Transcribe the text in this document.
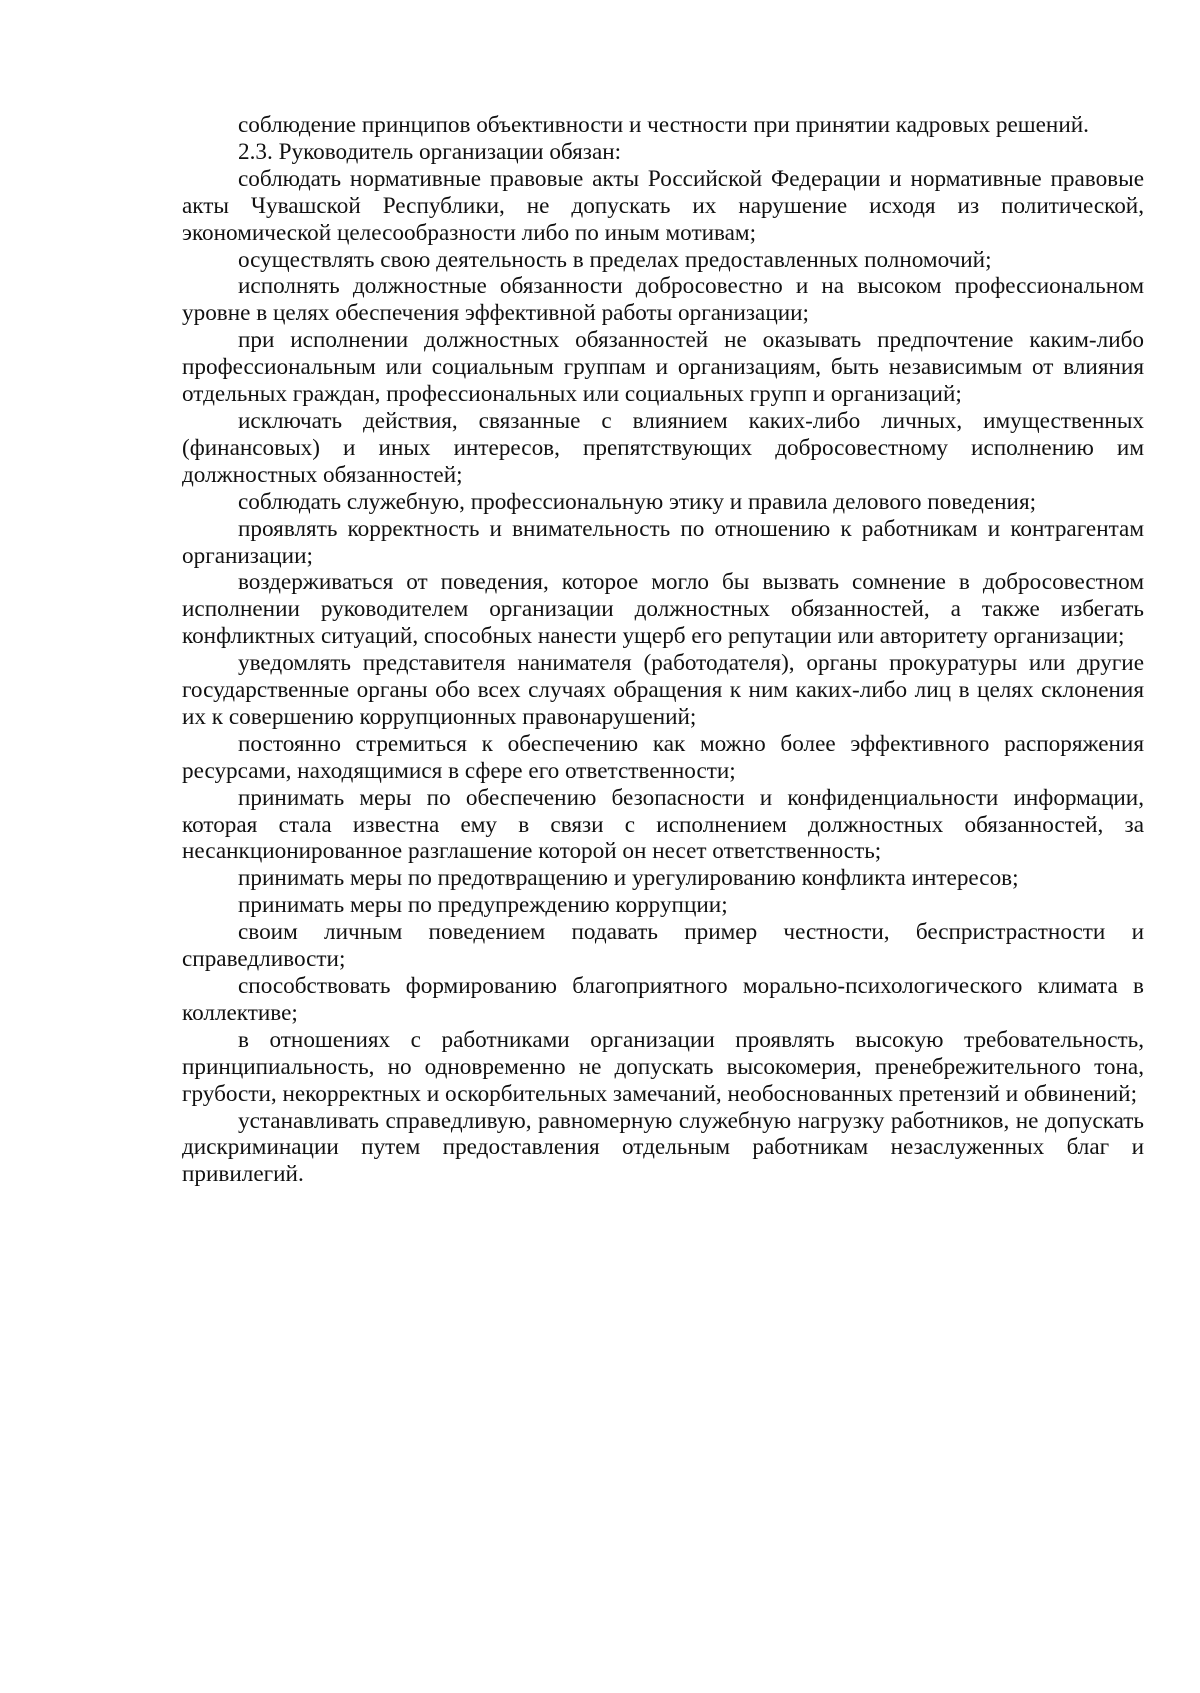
соблюдение принципов объективности и честности при принятии кадровых решений.

2.3. Руководитель организации обязан:

соблюдать нормативные правовые акты Российской Федерации и нормативные правовые акты Чувашской Республики, не допускать их нарушение исходя из политической, экономической целесообразности либо по иным мотивам;

осуществлять свою деятельность в пределах предоставленных полномочий;

исполнять должностные обязанности добросовестно и на высоком профессиональном уровне в целях обеспечения эффективной работы организации;

при исполнении должностных обязанностей не оказывать предпочтение каким-либо профессиональным или социальным группам и организациям, быть независимым от влияния отдельных граждан, профессиональных или социальных групп и организаций;

исключать действия, связанные с влиянием каких-либо личных, имущественных (финансовых) и иных интересов, препятствующих добросовестному исполнению им должностных обязанностей;

соблюдать служебную, профессиональную этику и правила делового поведения;

проявлять корректность и внимательность по отношению к работникам и контрагентам организации;

воздерживаться от поведения, которое могло бы вызвать сомнение в добросовестном исполнении руководителем организации должностных обязанностей, а также избегать конфликтных ситуаций, способных нанести ущерб его репутации или авторитету организации;

уведомлять представителя нанимателя (работодателя), органы прокуратуры или другие государственные органы обо всех случаях обращения к ним каких-либо лиц в целях склонения их к совершению коррупционных правонарушений;

постоянно стремиться к обеспечению как можно более эффективного распоряжения ресурсами, находящимися в сфере его ответственности;

принимать меры по обеспечению безопасности и конфиденциальности информации, которая стала известна ему в связи с исполнением должностных обязанностей, за несанкционированное разглашение которой он несет ответственность;

принимать меры по предотвращению и урегулированию конфликта интересов;

принимать меры по предупреждению коррупции;

своим личным поведением подавать пример честности, беспристрастности и справедливости;

способствовать формированию благоприятного морально-психологического климата в коллективе;

в отношениях с работниками организации проявлять высокую требовательность, принципиальность, но одновременно не допускать высокомерия, пренебрежительного тона, грубости, некорректных и оскорбительных замечаний, необоснованных претензий и обвинений;

устанавливать справедливую, равномерную служебную нагрузку работников, не допускать дискриминации путем предоставления отдельным работникам незаслуженных благ и привилегий.
